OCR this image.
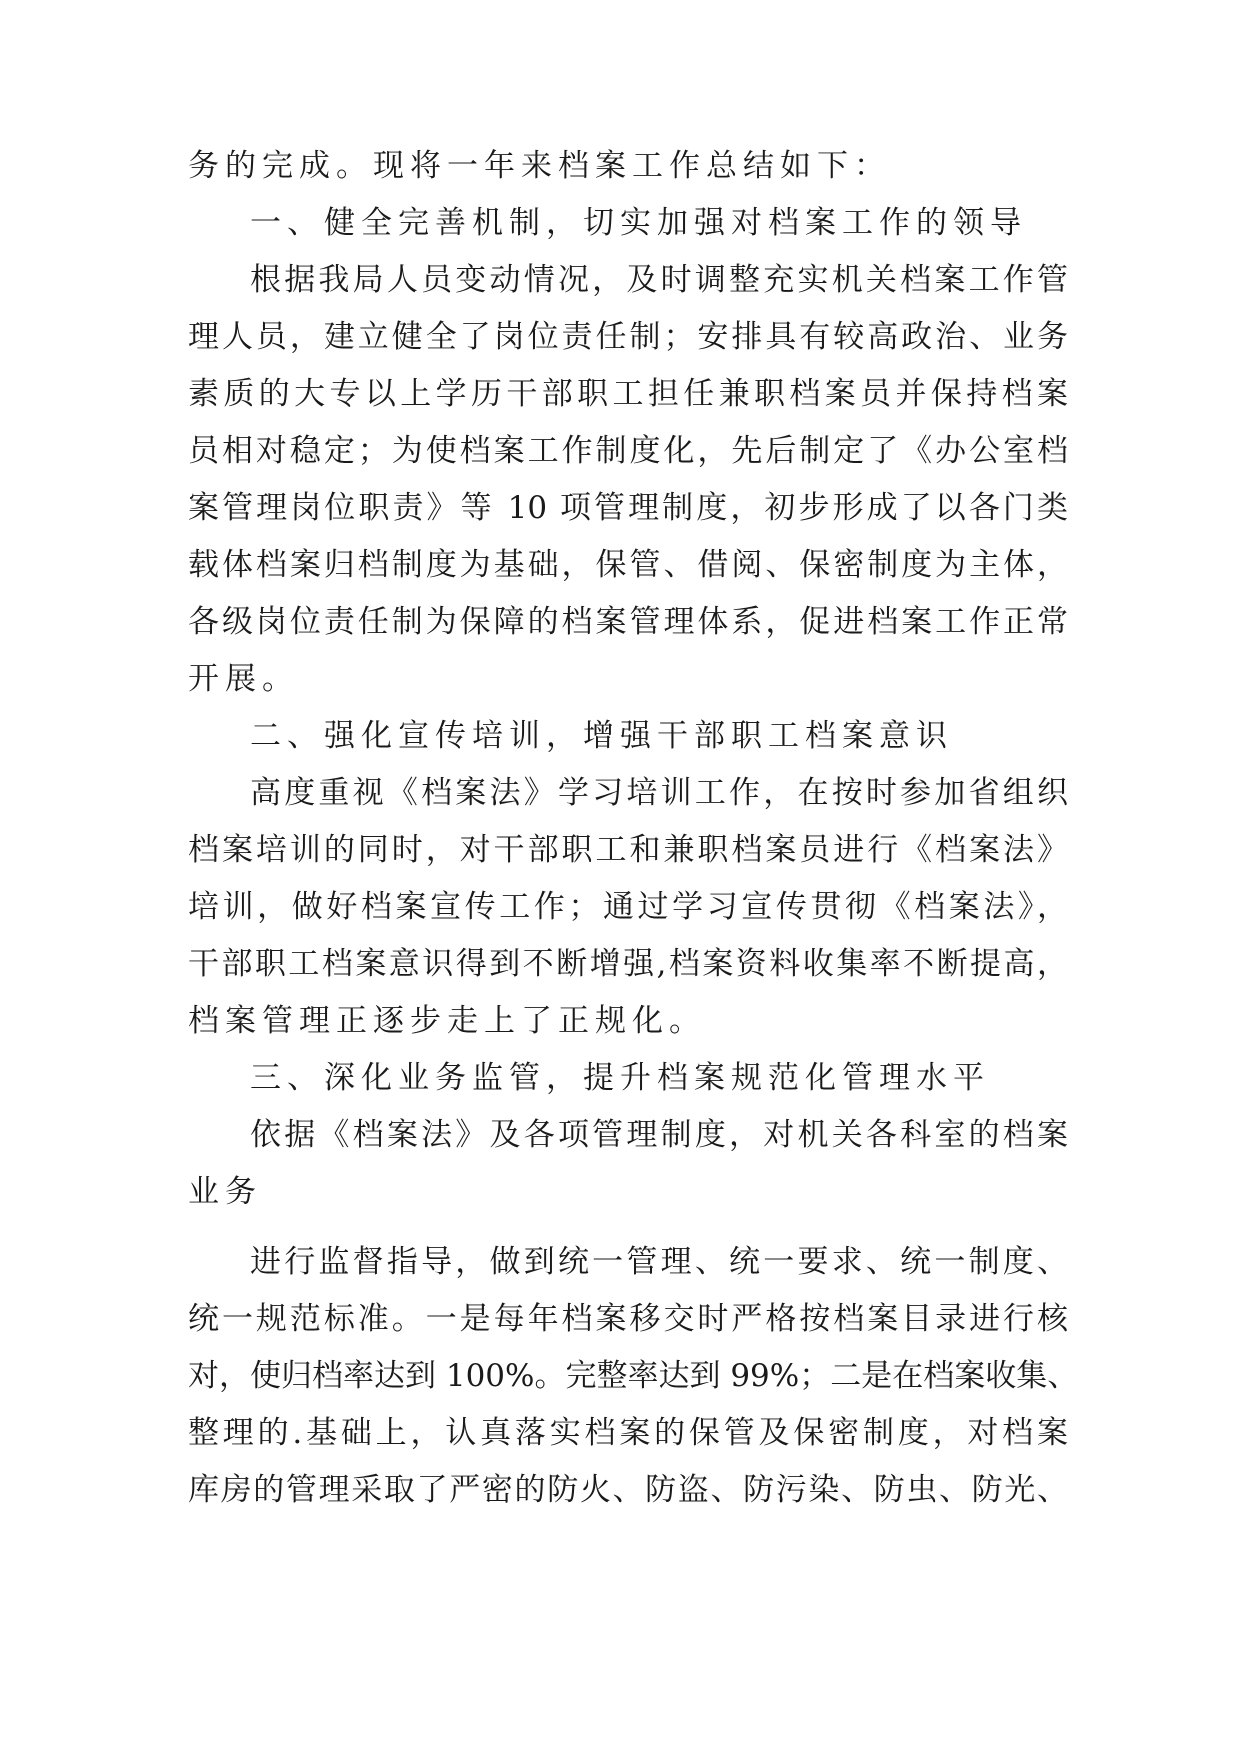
务的完成。现将一年来档案工作总结如下：
一、健全完善机制，切实加强对档案工作的领导
根据我局人员变动情况，及时调整充实机关档案工作管
理人员，建立健全了岗位责任制；安排具有较高政治、业务
素质的大专以上学历干部职工担任兼职档案员并保持档案
员相对稳定；为使档案工作制度化，先后制定了《办公室档
案管理岗位职责》等 10 项管理制度，初步形成了以各门类
载体档案归档制度为基础，保管、借阅、保密制度为主体，
各级岗位责任制为保障的档案管理体系，促进档案工作正常
开展。
二、强化宣传培训，增强干部职工档案意识
高度重视《档案法》学习培训工作，在按时参加省组织
档案培训的同时，对干部职工和兼职档案员进行《档案法》
培训，做好档案宣传工作；通过学习宣传贯彻《档案法》，
干部职工档案意识得到不断增强,档案资料收集率不断提高，
档案管理正逐步走上了正规化。
三、深化业务监管，提升档案规范化管理水平
依据《档案法》及各项管理制度，对机关各科室的档案
业务
进行监督指导，做到统一管理、统一要求、统一制度、
统一规范标准。一是每年档案移交时严格按档案目录进行核
对，使归档率达到 100%。完整率达到 99%；二是在档案收集、
整理的.基础上，认真落实档案的保管及保密制度，对档案
库房的管理采取了严密的防火、防盗、防污染、防虫、防光、
